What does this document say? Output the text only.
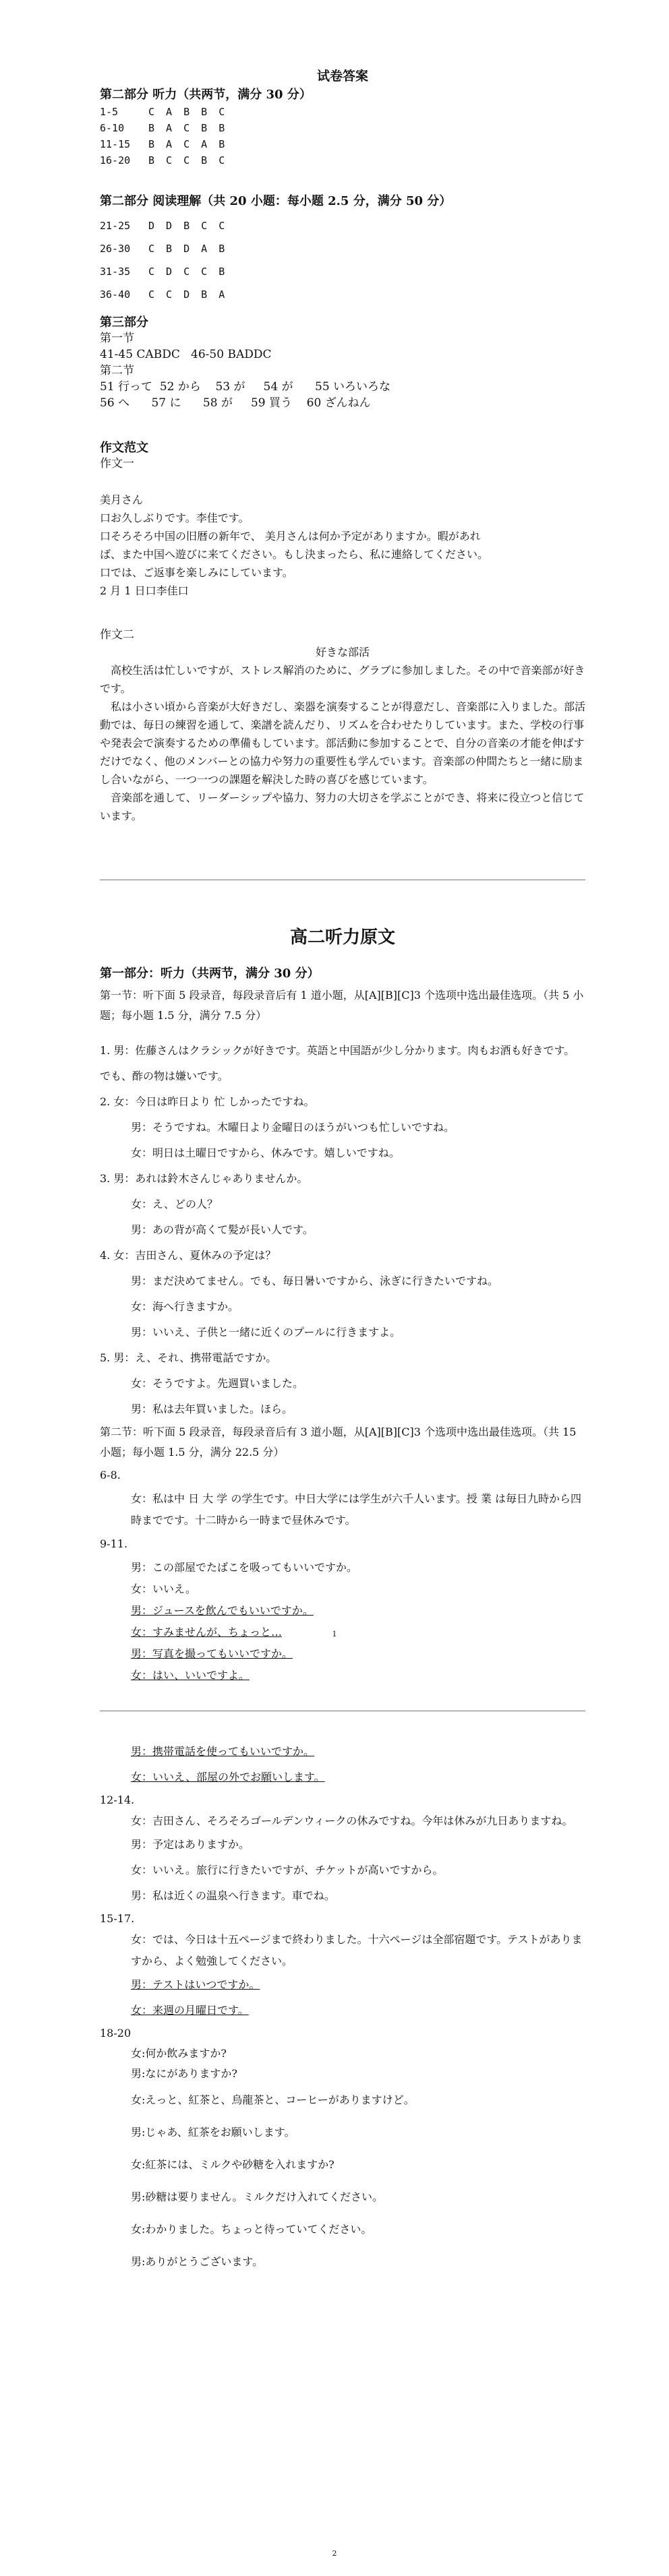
试卷答案

第二部分 听力（共两节，满分 30 分）

1-5	C A B B C
6-10	B A C B B
11-15	B A C A B
16-20	B C C B C

第二部分 阅读理解（共 20 小题：每小题 2.5 分，满分 50 分）

21-25	D D B C C
26-30	C B D A B
31-35	C D C C B
36-40	C C D B A

第三部分

第一节

41-45 CABDC   46-50 BADDC

第二节

51 行って  52 から    53 が     54 が      55 いろいろな

56 へ      57 に      58 が     59 買う    60 ざんねん

作文范文

作文一

美月さん

口お久しぶりです。李佳です。

口そろそろ中国の旧暦の新年で、 美月さんは何か予定がありますか。暇があれ

ば、また中国へ遊びに来てください。もし決まったら、私に連絡してください。

口では、ご返事を楽しみにしています。

2 月 1 日口李佳口

作文二

好きな部活

高校生活は忙しいですが、ストレス解消のために、グラブに参加しました。その中で音楽部が好きです。

私は小さい頃から音楽が大好きだし、楽器を演奏することが得意だし、音楽部に入りました。部活動では、毎日の練習を通して、楽譜を読んだり、リズムを合わせたりしています。また、学校の行事や発表会で演奏するための準備もしています。部活動に参加することで、自分の音楽の才能を伸ばすだけでなく、他のメンバーとの協力や努力の重要性も学んでいます。音楽部の仲間たちと一緒に励まし合いながら、一つ一つの課題を解決した時の喜びを感じています。

音楽部を通して、リーダーシップや協力、努力の大切さを学ぶことができ、将来に役立つと信じています。

高二听力原文

第一部分：听力（共两节，满分 30 分）

第一节：听下面 5 段录音，每段录音后有 1 道小题，从[A][B][C]3 个选项中选出最佳选项。（共 5 小题；每小题 1.5 分，满分 7.5 分）

1. 男：佐藤さんはクラシックが好きです。英語と中国語が少し分かります。肉もお酒も好きです。でも、酢の物は嫌いです。

2. 女：今日は昨日より 忙 しかったですね。

男：そうですね。木曜日より金曜日のほうがいつも忙しいですね。

女：明日は土曜日ですから、休みです。嬉しいですね。

3. 男：あれは鈴木さんじゃありませんか。

女：え、どの人？

男：あの背が高くて髪が長い人です。

4. 女：吉田さん、夏休みの予定は？

男：まだ決めてません。でも、毎日暑いですから、泳ぎに行きたいですね。

女：海へ行きますか。

男：いいえ、子供と一緒に近くのプールに行きますよ。

5. 男：え、それ、携帯電話ですか。

女：そうですよ。先週買いました。

男：私は去年買いました。ほら。

第二节：听下面 5 段录音，每段录音后有 3 道小题，从[A][B][C]3 个选项中选出最佳选项。（共 15 小题；每小题 1.5 分，满分 22.5 分）

6-8.

女：私は中 日 大 学 の学生です。中日大学には学生が六千人います。授 業 は毎日九時から四時までです。十二時から一時まで昼休みです。

9-11.

男：この部屋でたばこを吸ってもいいですか。

女：いいえ。

男：ジュースを飲んでもいいですか。

女：すみませんが、ちょっと…

男：写真を撮ってもいいですか。

女：はい、いいですよ。

1

男：携帯電話を使ってもいいですか。

女：いいえ、部屋の外でお願いします。

12-14.

女：吉田さん、そろそろゴールデンウィークの休みですね。今年は休みが九日ありますね。

男：予定はありますか。

女：いいえ。旅行に行きたいですが、チケットが高いですから。

男：私は近くの温泉へ行きます。車でね。

15-17.

女：では、今日は十五ページまで終わりました。十六ページは全部宿題です。テストがありますから、よく勉強してください。

男：テストはいつですか。

女：来週の月曜日です。

18-20

女:何か飲みますか?

男:なにがありますか?

女:えっと、紅茶と、烏龍茶と、コーヒーがありますけど。

男:じゃあ、紅茶をお願いします。

女:紅茶には、ミルクや砂糖を入れますか?

男:砂糖は要りません。ミルクだけ入れてください。

女:わかりました。ちょっと待っていてください。

男:ありがとうございます。

2
